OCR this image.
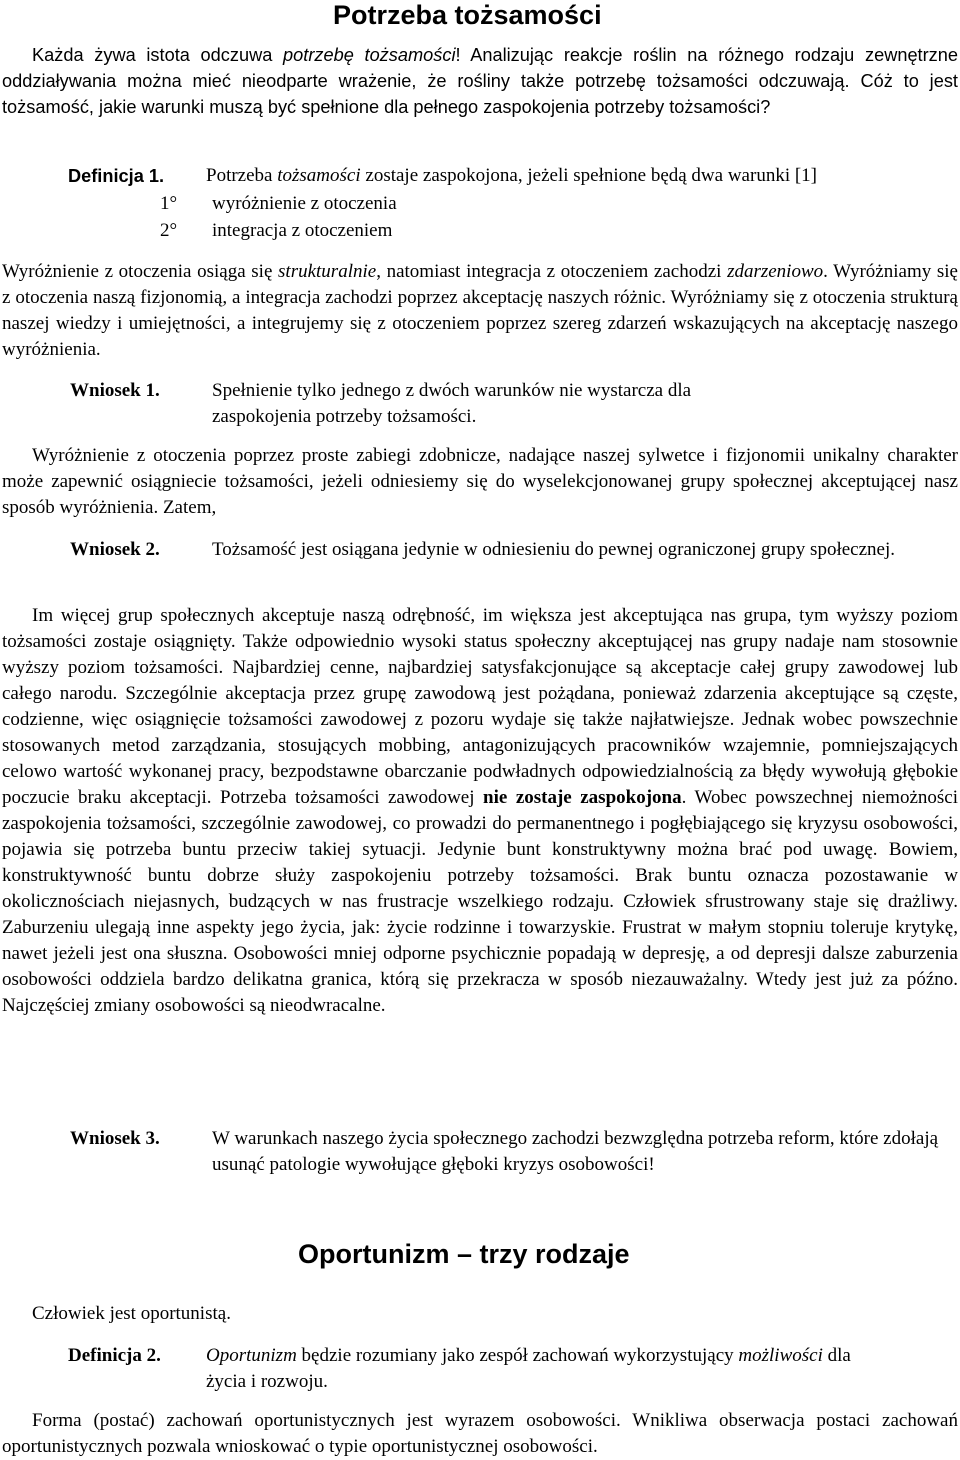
Potrzeba tożsamości

Każda żywa istota odczuwa potrzebę tożsamości! Analizując reakcje roślin na różnego rodzaju zewnętrzne oddziaływania można mieć nieodparte wrażenie, że rośliny także potrzebę tożsamości odczuwają. Cóż to jest tożsamość, jakie warunki muszą być spełnione dla pełnego zaspokojenia potrzeby tożsamości?

Definicja 1. Potrzeba tożsamości zostaje zaspokojona, jeżeli spełnione będą dwa warunki [1]

1°	wyróżnienie z otoczenia
2°	integracja z otoczeniem

Wyróżnienie z otoczenia osiąga się strukturalnie, natomiast integracja z otoczeniem zachodzi zdarzeniowo. Wyróżniamy się z otoczenia naszą fizjonomią, a integracja zachodzi poprzez akceptację naszych różnic. Wyróżniamy się z otoczenia strukturą naszej wiedzy i umiejętności, a integrujemy się z otoczeniem poprzez szereg zdarzeń wskazujących na akceptację naszego wyróżnienia.

Wniosek 1.	Spełnienie tylko jednego z dwóch warunków nie wystarcza dla zaspokojenia potrzeby tożsamości.

Wyróżnienie z otoczenia poprzez proste zabiegi zdobnicze, nadające naszej sylwetce i fizjonomii unikalny charakter może zapewnić osiągniecie tożsamości, jeżeli odniesiemy się do wyselekcjonowanej grupy społecznej akceptującej nasz sposób wyróżnienia. Zatem,

Wniosek 2.	Tożsamość jest osiągana jedynie w odniesieniu do pewnej ograniczonej grupy społecznej.

Im więcej grup społecznych akceptuje naszą odrębność, im większa jest akceptująca nas grupa, tym wyższy poziom tożsamości zostaje osiągnięty. Także odpowiednio wysoki status społeczny akceptującej nas grupy nadaje nam stosownie wyższy poziom tożsamości. Najbardziej cenne, najbardziej satysfakcjonujące są akceptacje całej grupy zawodowej lub całego narodu. Szczególnie akceptacja przez grupę zawodową jest pożądana, ponieważ zdarzenia akceptujące są częste, codzienne, więc osiągnięcie tożsamości zawodowej z pozoru wydaje się także najłatwiejsze. Jednak wobec powszechnie stosowanych metod zarządzania, stosujących mobbing, antagonizujących pracowników wzajemnie, pomniejszających celowo wartość wykonanej pracy, bezpodstawne obarczanie podwładnych odpowiedzialnością za błędy wywołują głębokie poczucie braku akceptacji. Potrzeba tożsamości zawodowej nie zostaje zaspokojona. Wobec powszechnej niemożności zaspokojenia tożsamości, szczególnie zawodowej, co prowadzi do permanentnego i pogłębiającego się kryzysu osobowości, pojawia się potrzeba buntu przeciw takiej sytuacji. Jedynie bunt konstruktywny można brać pod uwagę. Bowiem, konstruktywność buntu dobrze służy zaspokojeniu potrzeby tożsamości. Brak buntu oznacza pozostawanie w okolicznościach niejasnych, budzących w nas frustracje wszelkiego rodzaju. Człowiek sfrustrowany staje się drażliwy. Zaburzeniu ulegają inne aspekty jego życia, jak: życie rodzinne i towarzyskie. Frustrat w małym stopniu toleruje krytykę, nawet jeżeli jest ona słuszna. Osobowości mniej odporne psychicznie popadają w depresję, a od depresji dalsze zaburzenia osobowości oddziela bardzo delikatna granica, którą się przekracza w sposób niezauważalny. Wtedy jest już za późno. Najczęściej zmiany osobowości są nieodwracalne.

Wniosek 3.	W warunkach naszego życia społecznego zachodzi bezwzględna potrzeba reform, które zdołają usunąć patologie wywołujące głęboki kryzys osobowości!

Oportunizm – trzy rodzaje

Człowiek jest oportunistą.

Definicja 2. Oportunizm będzie rozumiany jako zespół zachowań wykorzystujący możliwości dla życia i rozwoju.

Forma (postać) zachowań oportunistycznych jest wyrazem osobowości. Wnikliwa obserwacja postaci zachowań oportunistycznych pozwala wnioskować o typie oportunistycznej osobowości.
